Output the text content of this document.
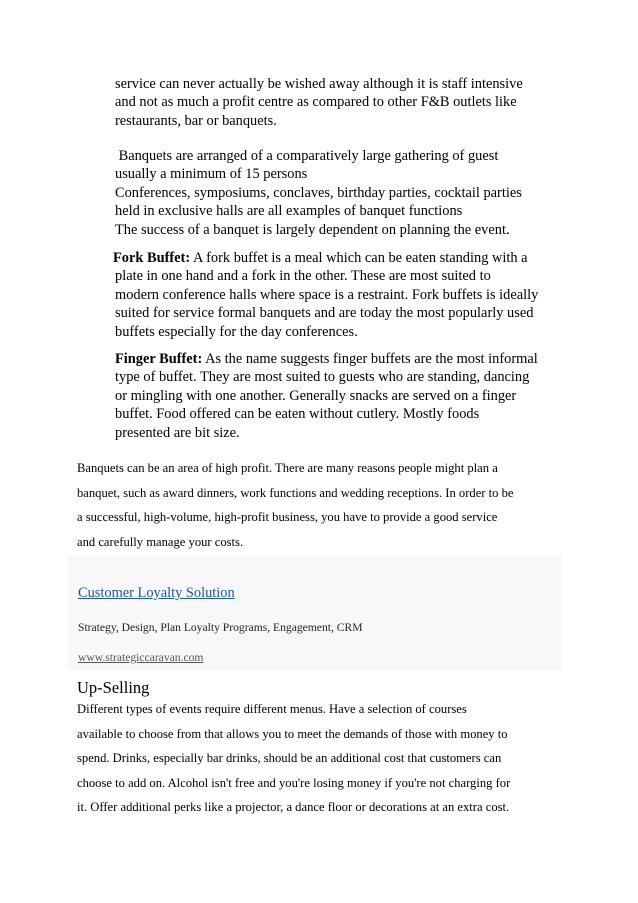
service can never actually be wished away although it is staff intensive

and not as much a profit centre as compared to other F&B outlets like

restaurants, bar or banquets.

Banquets are arranged of a comparatively large gathering of guest

usually a minimum of 15 persons

Conferences, symposiums, conclaves, birthday parties, cocktail parties

held in exclusive halls are all examples of banquet functions

The success of a banquet is largely dependent on planning the event.

Fork Buffet: A fork buffet is a meal which can be eaten standing with a

plate in one hand and a fork in the other. These are most suited to

modern conference halls where space is a restraint. Fork buffets is ideally

suited for service formal banquets and are today the most popularly used

buffets especially for the day conferences.

Finger Buffet: As the name suggests finger buffets are the most informal

type of buffet. They are most suited to guests who are standing, dancing

or mingling with one another. Generally snacks are served on a finger

buffet. Food offered can be eaten without cutlery. Mostly foods

presented are bit size.

Banquets can be an area of high profit. There are many reasons people might plan a

banquet, such as award dinners, work functions and wedding receptions. In order to be

a successful, high-volume, high-profit business, you have to provide a good service

and carefully manage your costs.

Customer Loyalty Solution
Strategy, Design, Plan Loyalty Programs, Engagement, CRM
www.strategiccaravan.com
Up-Selling

Different types of events require different menus. Have a selection of courses

available to choose from that allows you to meet the demands of those with money to

spend. Drinks, especially bar drinks, should be an additional cost that customers can

choose to add on. Alcohol isn't free and you're losing money if you're not charging for

it. Offer additional perks like a projector, a dance floor or decorations at an extra cost.
